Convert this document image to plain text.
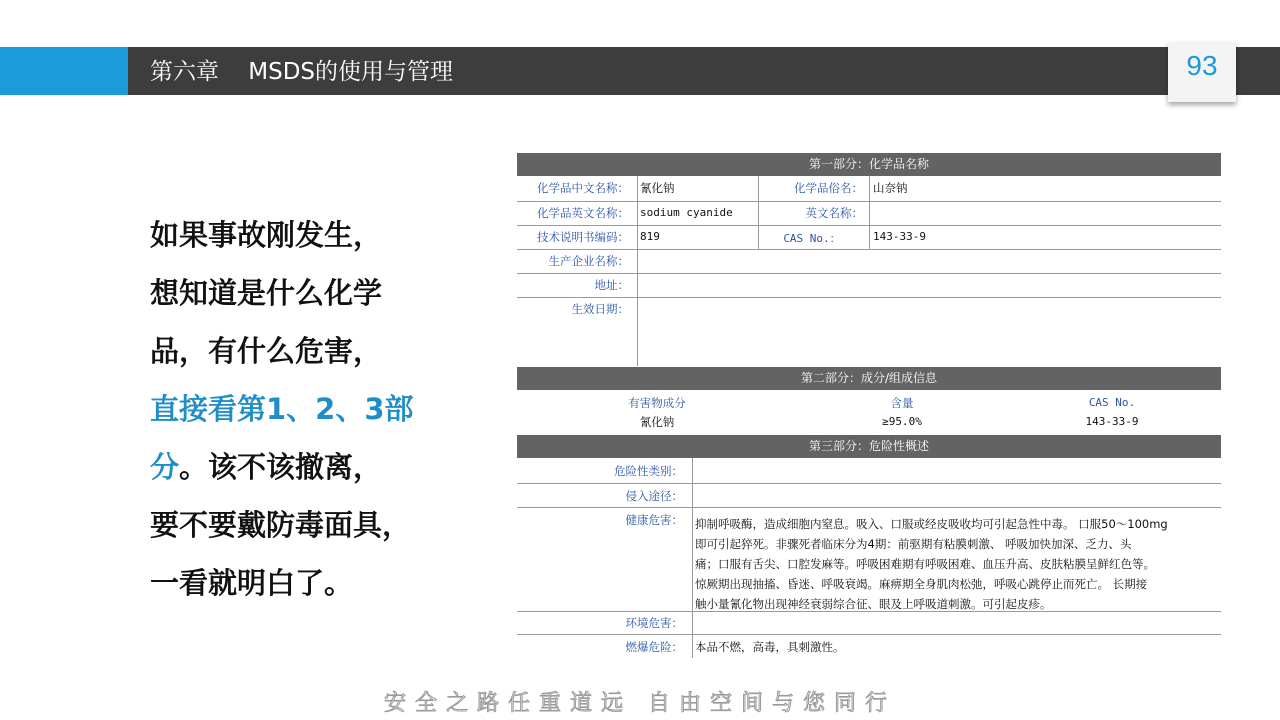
第六章    MSDS的使用与管理	93
如果事故刚发生，
想知道是什么化学
品，有什么危害，
直接看第1、2、3部
分。该不该撤离，
要不要戴防毒面具，
一看就明白了。
第一部分：化学品名称
化学品中文名称： 氰化钠	化学品俗名： 山奈钠
化学品英文名称： sodium cyanide	英文名称：
技术说明书编码： 819	CAS No.：	143-33-9
生产企业名称：
地址：
生效日期：
第二部分：成分/组成信息
有害物成分	含量	CAS No.
氰化钠	≥95.0%	143-33-9
第三部分：危险性概述
危险性类别：
侵入途径：
健康危害： 抑制呼吸酶，造成细胞内窒息。吸入、口服或经皮吸收均可引起急性中毒。 口服50～100mg
即可引起猝死。非骤死者临床分为4期：前驱期有粘膜刺激、 呼吸加快加深、乏力、头
痛；口服有舌尖、口腔发麻等。呼吸困难期有呼吸困难、血压升高、皮肤粘膜呈鲜红色等。
惊厥期出现抽搐、昏迷、呼吸衰竭。麻痹期全身肌肉松弛，呼吸心跳停止而死亡。 长期接
触小量氰化物出现神经衰弱综合征、眼及上呼吸道刺激。可引起皮疹。
环境危害：
燃爆危险： 本品不燃，高毒，具刺激性。
安全之路任重道远 自由空间与您同行
